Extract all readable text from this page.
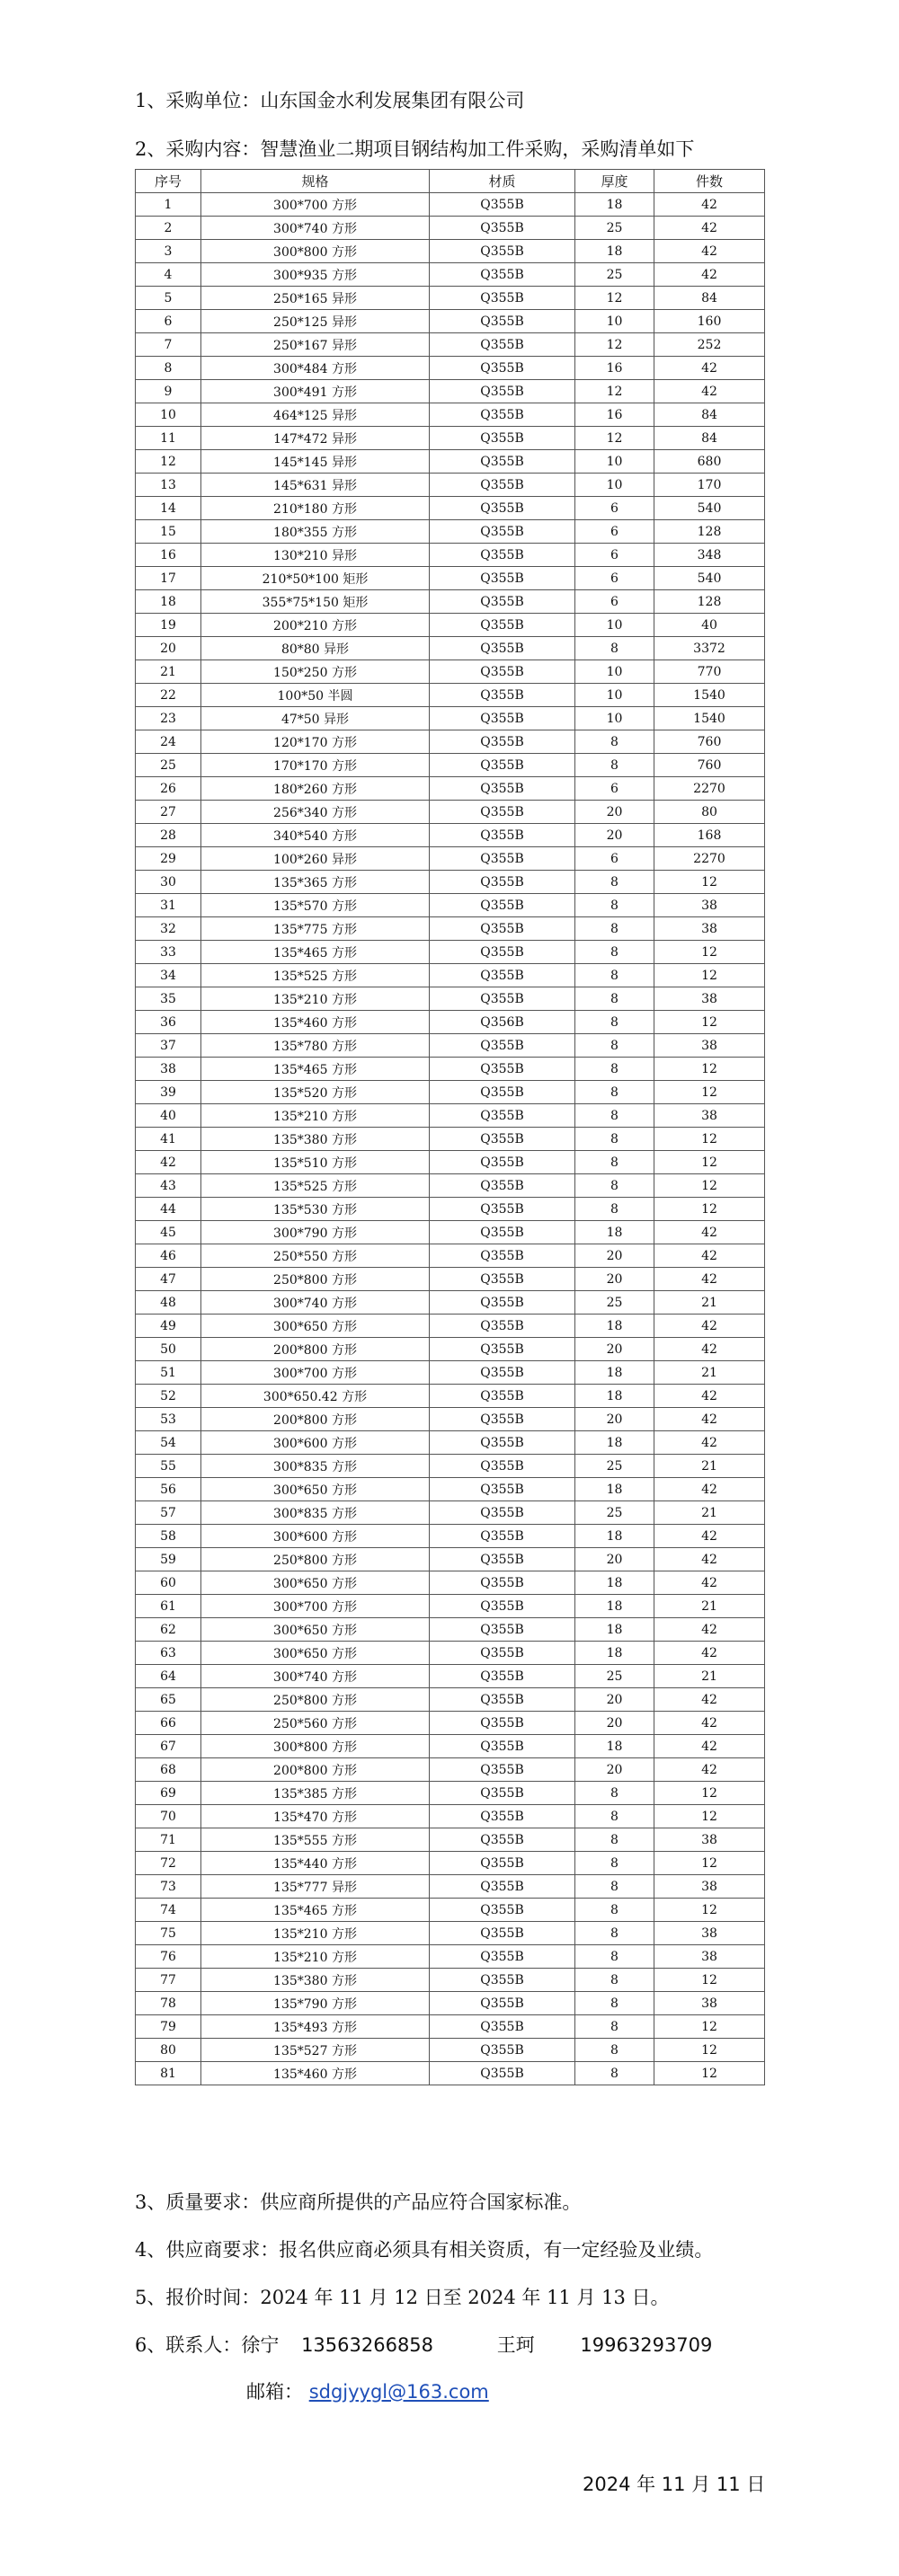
1、采购单位：山东国金水利发展集团有限公司
2、采购内容：智慧渔业二期项目钢结构加工件采购，采购清单如下
序号	规格	材质	厚度	件数
1	300*700 方形	Q355B	18	42
2	300*740 方形	Q355B	25	42
3	300*800 方形	Q355B	18	42
4	300*935 方形	Q355B	25	42
5	250*165 异形	Q355B	12	84
6	250*125 异形	Q355B	10	160
7	250*167 异形	Q355B	12	252
8	300*484 方形	Q355B	16	42
9	300*491 方形	Q355B	12	42
10	464*125 异形	Q355B	16	84
11	147*472 异形	Q355B	12	84
12	145*145 异形	Q355B	10	680
13	145*631 异形	Q355B	10	170
14	210*180 方形	Q355B	6	540
15	180*355 方形	Q355B	6	128
16	130*210 异形	Q355B	6	348
17	210*50*100 矩形	Q355B	6	540
18	355*75*150 矩形	Q355B	6	128
19	200*210 方形	Q355B	10	40
20	80*80 异形	Q355B	8	3372
21	150*250 方形	Q355B	10	770
22	100*50 半圆	Q355B	10	1540
23	47*50 异形	Q355B	10	1540
24	120*170 方形	Q355B	8	760
25	170*170 方形	Q355B	8	760
26	180*260 方形	Q355B	6	2270
27	256*340 方形	Q355B	20	80
28	340*540 方形	Q355B	20	168
29	100*260 异形	Q355B	6	2270
30	135*365 方形	Q355B	8	12
31	135*570 方形	Q355B	8	38
32	135*775 方形	Q355B	8	38
33	135*465 方形	Q355B	8	12
34	135*525 方形	Q355B	8	12
35	135*210 方形	Q355B	8	38
36	135*460 方形	Q356B	8	12
37	135*780 方形	Q355B	8	38
38	135*465 方形	Q355B	8	12
39	135*520 方形	Q355B	8	12
40	135*210 方形	Q355B	8	38
41	135*380 方形	Q355B	8	12
42	135*510 方形	Q355B	8	12
43	135*525 方形	Q355B	8	12
44	135*530 方形	Q355B	8	12
45	300*790 方形	Q355B	18	42
46	250*550 方形	Q355B	20	42
47	250*800 方形	Q355B	20	42
48	300*740 方形	Q355B	25	21
49	300*650 方形	Q355B	18	42
50	200*800 方形	Q355B	20	42
51	300*700 方形	Q355B	18	21
52	300*650.42 方形	Q355B	18	42
53	200*800 方形	Q355B	20	42
54	300*600 方形	Q355B	18	42
55	300*835 方形	Q355B	25	21
56	300*650 方形	Q355B	18	42
57	300*835 方形	Q355B	25	21
58	300*600 方形	Q355B	18	42
59	250*800 方形	Q355B	20	42
60	300*650 方形	Q355B	18	42
61	300*700 方形	Q355B	18	21
62	300*650 方形	Q355B	18	42
63	300*650 方形	Q355B	18	42
64	300*740 方形	Q355B	25	21
65	250*800 方形	Q355B	20	42
66	250*560 方形	Q355B	20	42
67	300*800 方形	Q355B	18	42
68	200*800 方形	Q355B	20	42
69	135*385 方形	Q355B	8	12
70	135*470 方形	Q355B	8	12
71	135*555 方形	Q355B	8	38
72	135*440 方形	Q355B	8	12
73	135*777 异形	Q355B	8	38
74	135*465 方形	Q355B	8	12
75	135*210 方形	Q355B	8	38
76	135*210 方形	Q355B	8	38
77	135*380 方形	Q355B	8	12
78	135*790 方形	Q355B	8	38
79	135*493 方形	Q355B	8	12
80	135*527 方形	Q355B	8	12
81	135*460 方形	Q355B	8	12
3、质量要求：供应商所提供的产品应符合国家标准。
4、供应商要求：报名供应商必须具有相关资质，有一定经验及业绩。
5、报价时间：2024 年 11 月 12 日至 2024 年 11 月 13 日。
6、联系人：徐宁 13563266858	王珂 19963293709
邮箱： sdgjyygl@163.com
2024 年 11 月 11 日
